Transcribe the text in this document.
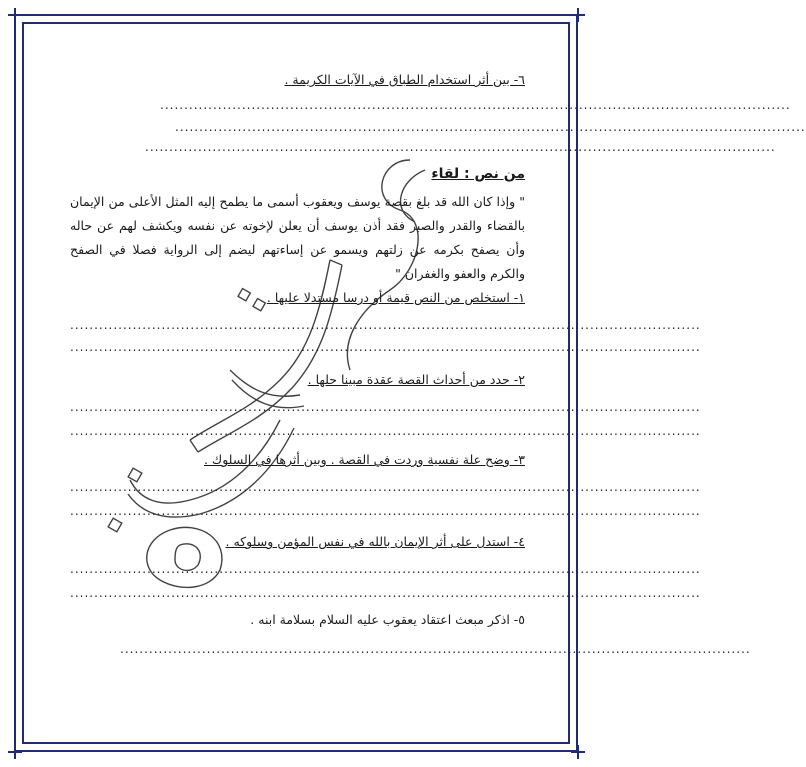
٦- بين أثر استخدام الطباق في الآيات الكريمة .
...................................................................................................................................
...................................................................................................................................
...................................................................................................................................
من نص : لقاء
" وإذا كان الله قد بلغ بقصة يوسف ويعقوب أسمى ما يطمح إليه المثل الأعلى من الإيمان بالقضاء والقدر والصبر فقد أذن يوسف أن يعلن لإخوته عن نفسه ويكشف لهم عن حاله وأن يصفح بكرمه عن زلتهم ويسمو عن إساءتهم ليضم إلى الرواية فصلا في الصفح والكرم والعفو والغفران "
١- استخلص من النص قيمة أو درسا مستدلا عليها .
...................................................................................................................................
...................................................................................................................................
٢- حدد من أحداث القصة عقدة مبينا حلها .
...................................................................................................................................
...................................................................................................................................
٣- وضح علة نفسية وردت في القصة . وبين أثرها في السلوك .
...................................................................................................................................
...................................................................................................................................
٤- استدل على أثر الإيمان بالله في نفس المؤمن وسلوكه .
...................................................................................................................................
...................................................................................................................................
٥- اذكر مبعث اعتقاد يعقوب عليه السلام بسلامة ابنه .
...................................................................................................................................
